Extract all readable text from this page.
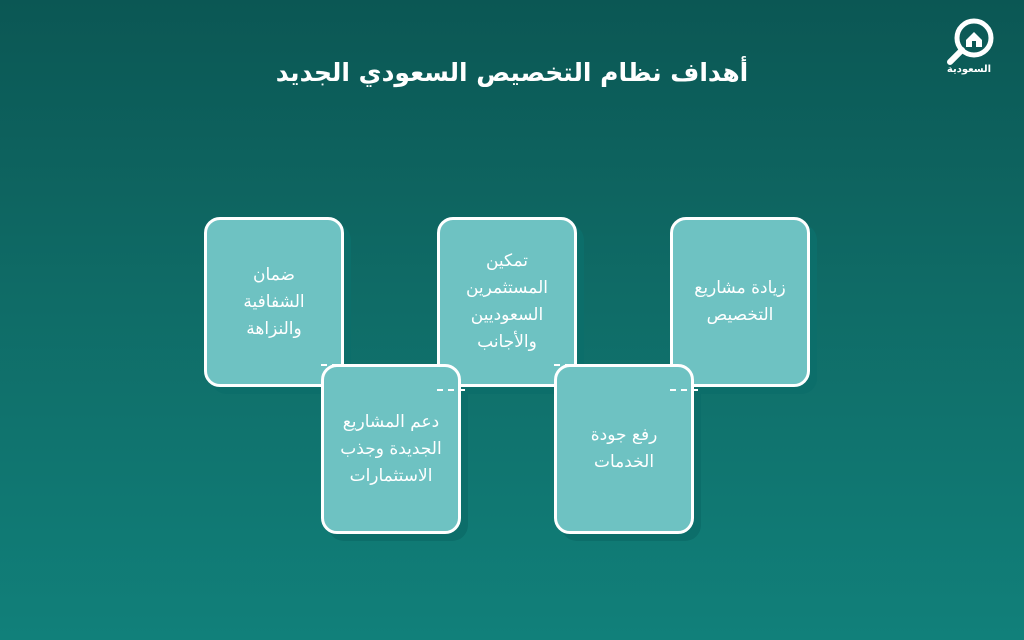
أهداف نظام التخصيص السعودي الجديد	السعودية
زيادة مشاريع
التخصيص
تمكين
المستثمرين
السعوديين
والأجانب
ضمان
الشفافية
والنزاهة
رفع جودة
الخدمات
دعم المشاريع
الجديدة وجذب
الاستثمارات
